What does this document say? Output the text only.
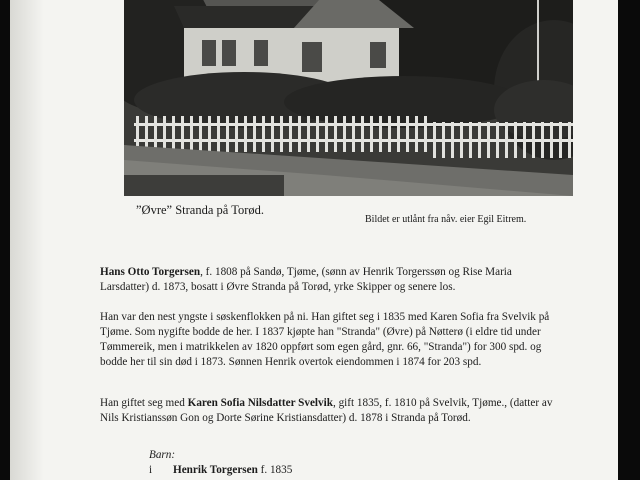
”Øvre” Stranda på Torød.
Bildet er utlånt fra nåv. eier Egil Eitrem.
Hans Otto Torgersen, f. 1808 på Sandø, Tjøme, (sønn av Henrik Torgerssøn og Rise Maria Larsdatter) d. 1873, bosatt i Øvre Stranda på Torød, yrke Skipper og senere los.
Han var den nest yngste i søskenflokken på ni. Han giftet seg i 1835 med Karen Sofia fra Svelvik på Tjøme. Som nygifte bodde de her. I 1837 kjøpte han "Stranda" (Øvre) på Nøtterø (i eldre tid under Tømmereik, men i matrikkelen av 1820 oppført som egen gård, gnr. 66, "Stranda") for 300 spd. og bodde her til sin død i 1873. Sønnen Henrik overtok eiendommen i 1874 for 203 spd.
Han giftet seg med Karen Sofia Nilsdatter Svelvik, gift 1835, f. 1810 på Svelvik, Tjøme., (datter av Nils Kristianssøn Gon og Dorte Sørine Kristiansdatter) d. 1878 i Stranda på Torød.
Barn:
i Henrik Torgersen f. 1835
